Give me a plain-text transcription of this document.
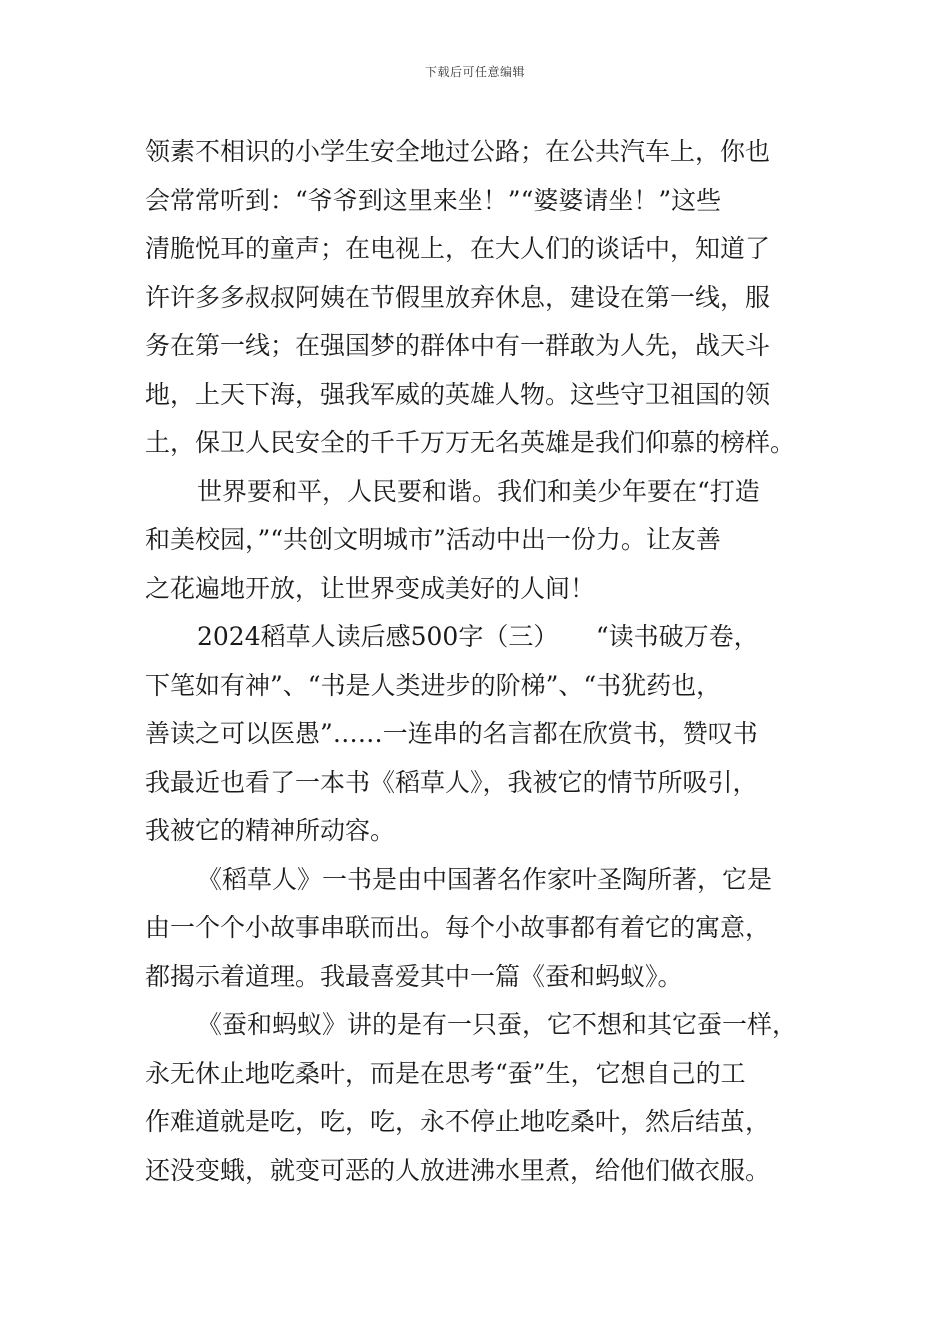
下载后可任意编辑
领素不相识的小学生安全地过公路；在公共汽车上，你也
会常常听到：“爷爷到这里来坐！”“婆婆请坐！”这些
清脆悦耳的童声；在电视上，在大人们的谈话中，知道了
许许多多叔叔阿姨在节假里放弃休息，建设在第一线，服
务在第一线；在强国梦的群体中有一群敢为人先，战天斗
地，上天下海，强我军威的英雄人物。这些守卫祖国的领
土，保卫人民安全的千千万万无名英雄是我们仰慕的榜样。
世界要和平，人民要和谐。我们和美少年要在“打造
和美校园，”“共创文明城市”活动中出一份力。让友善
之花遍地开放，让世界变成美好的人间！
2024稻草人读后感500字（三）　　“读书破万卷，
下笔如有神”、“书是人类进步的阶梯”、“书犹药也，
善读之可以医愚”……一连串的名言都在欣赏书，赞叹书
我最近也看了一本书《稻草人》，我被它的情节所吸引，
我被它的精神所动容。
《稻草人》一书是由中国著名作家叶圣陶所著，它是
由一个个小故事串联而出。每个小故事都有着它的寓意，
都揭示着道理。我最喜爱其中一篇《蚕和蚂蚁》。
《蚕和蚂蚁》讲的是有一只蚕，它不想和其它蚕一样，
永无休止地吃桑叶，而是在思考“蚕”生，它想自己的工
作难道就是吃，吃，吃，永不停止地吃桑叶，然后结茧，
还没变蛾，就变可恶的人放进沸水里煮，给他们做衣服。
